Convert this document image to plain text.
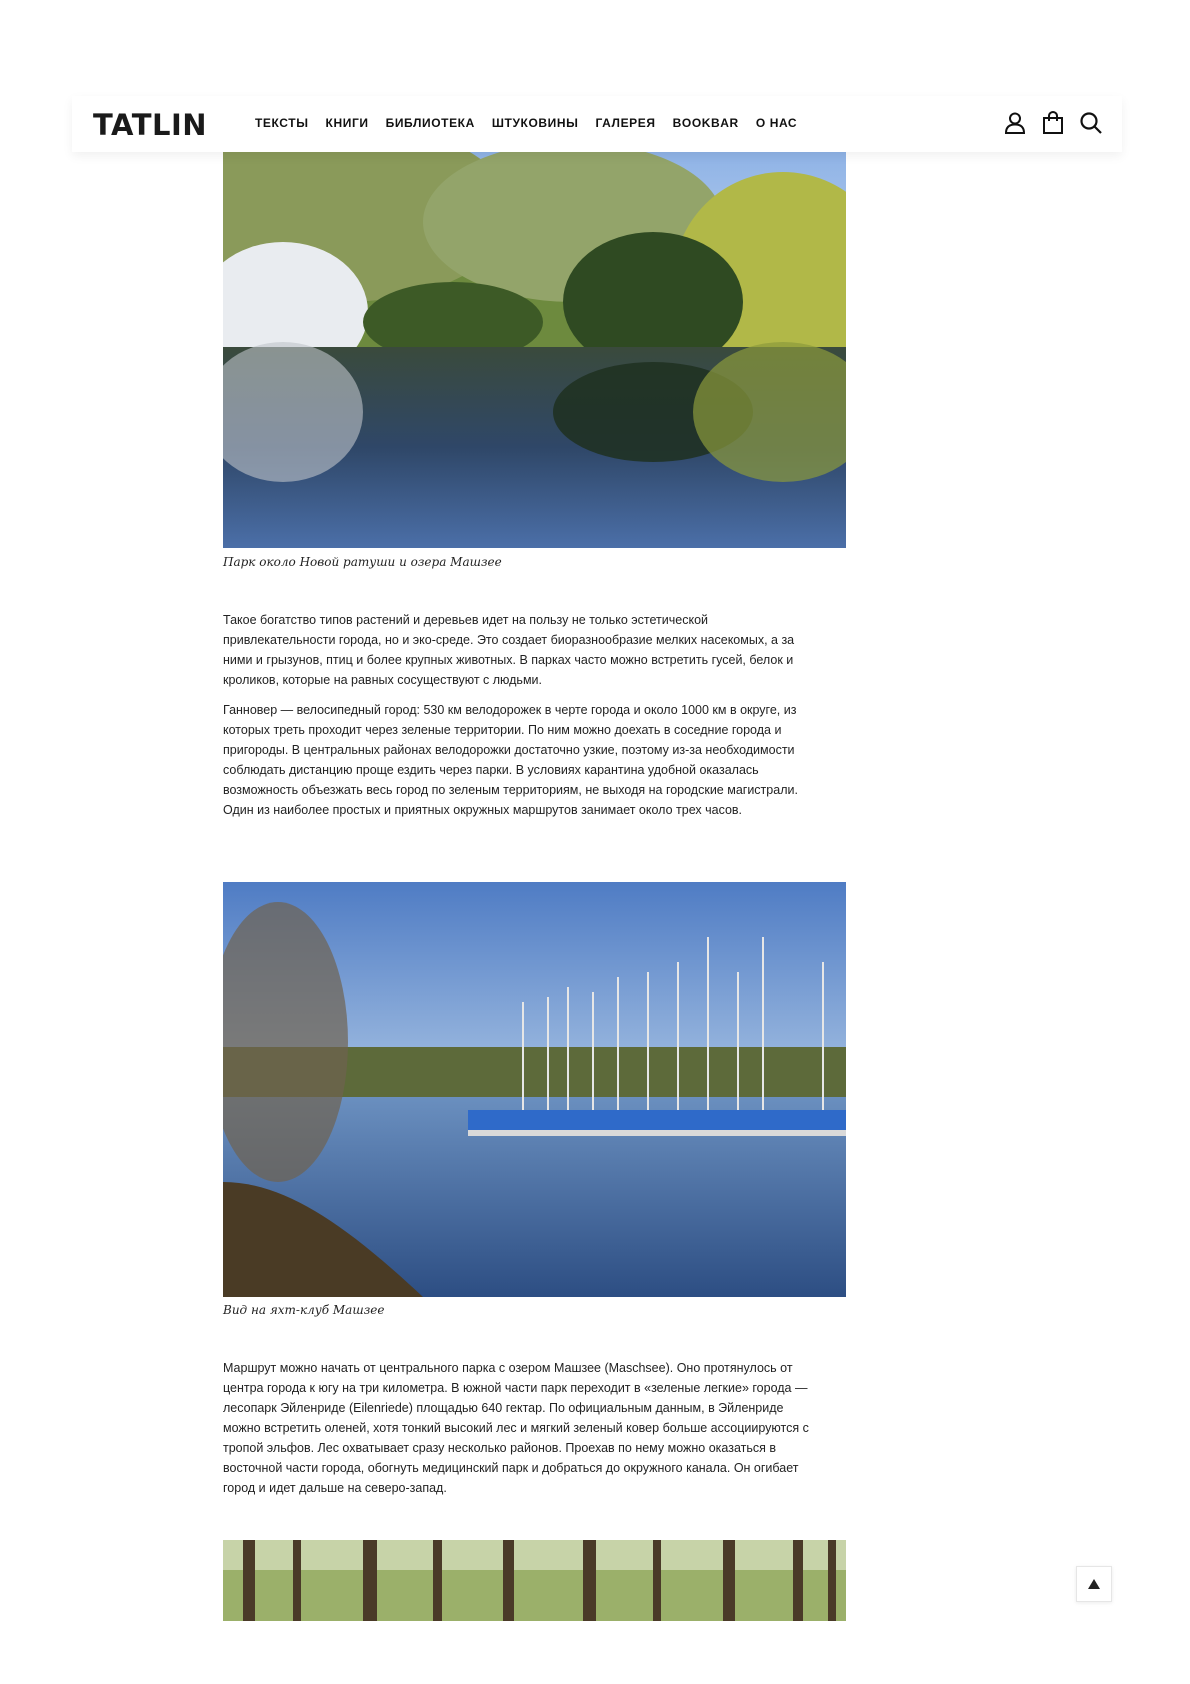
TATLIN	ТЕКСТЫ КНИГИ БИБЛИОТЕКА ШТУКОВИНЫ ГАЛЕРЕЯ BOOKBAR О НАС
Парк около Новой ратуши и озера Машзее

Такое богатство типов растений и деревьев идет на пользу не только эстетической привлекательности города, но и эко-среде. Это создает биоразнообразие мелких насекомых, а за ними и грызунов, птиц и более крупных животных. В парках часто можно встретить гусей, белок и кроликов, которые на равных сосуществуют с людьми.

Ганновер — велосипедный город: 530 км велодорожек в черте города и около 1000 км в округе, из которых треть проходит через зеленые территории. По ним можно доехать в соседние города и пригороды. В центральных районах велодорожки достаточно узкие, поэтому из-за необходимости соблюдать дистанцию проще ездить через парки. В условиях карантина удобной оказалась возможность объезжать весь город по зеленым территориям, не выходя на городские магистрали. Один из наиболее простых и приятных окружных маршрутов занимает около трех часов.

Вид на яхт-клуб Машзее

Маршрут можно начать от центрального парка с озером Машзее (Maschsee). Оно протянулось от центра города к югу на три километра. В южной части парк переходит в «зеленые легкие» города — лесопарк Эйленриде (Eilenriede) площадью 640 гектар. По официальным данным, в Эйленриде можно встретить оленей, хотя тонкий высокий лес и мягкий зеленый ковер больше ассоциируются с тропой эльфов. Лес охватывает сразу несколько районов. Проехав по нему можно оказаться в восточной части города, обогнуть медицинский парк и добраться до окружного канала. Он огибает город и идет дальше на северо-запад.
